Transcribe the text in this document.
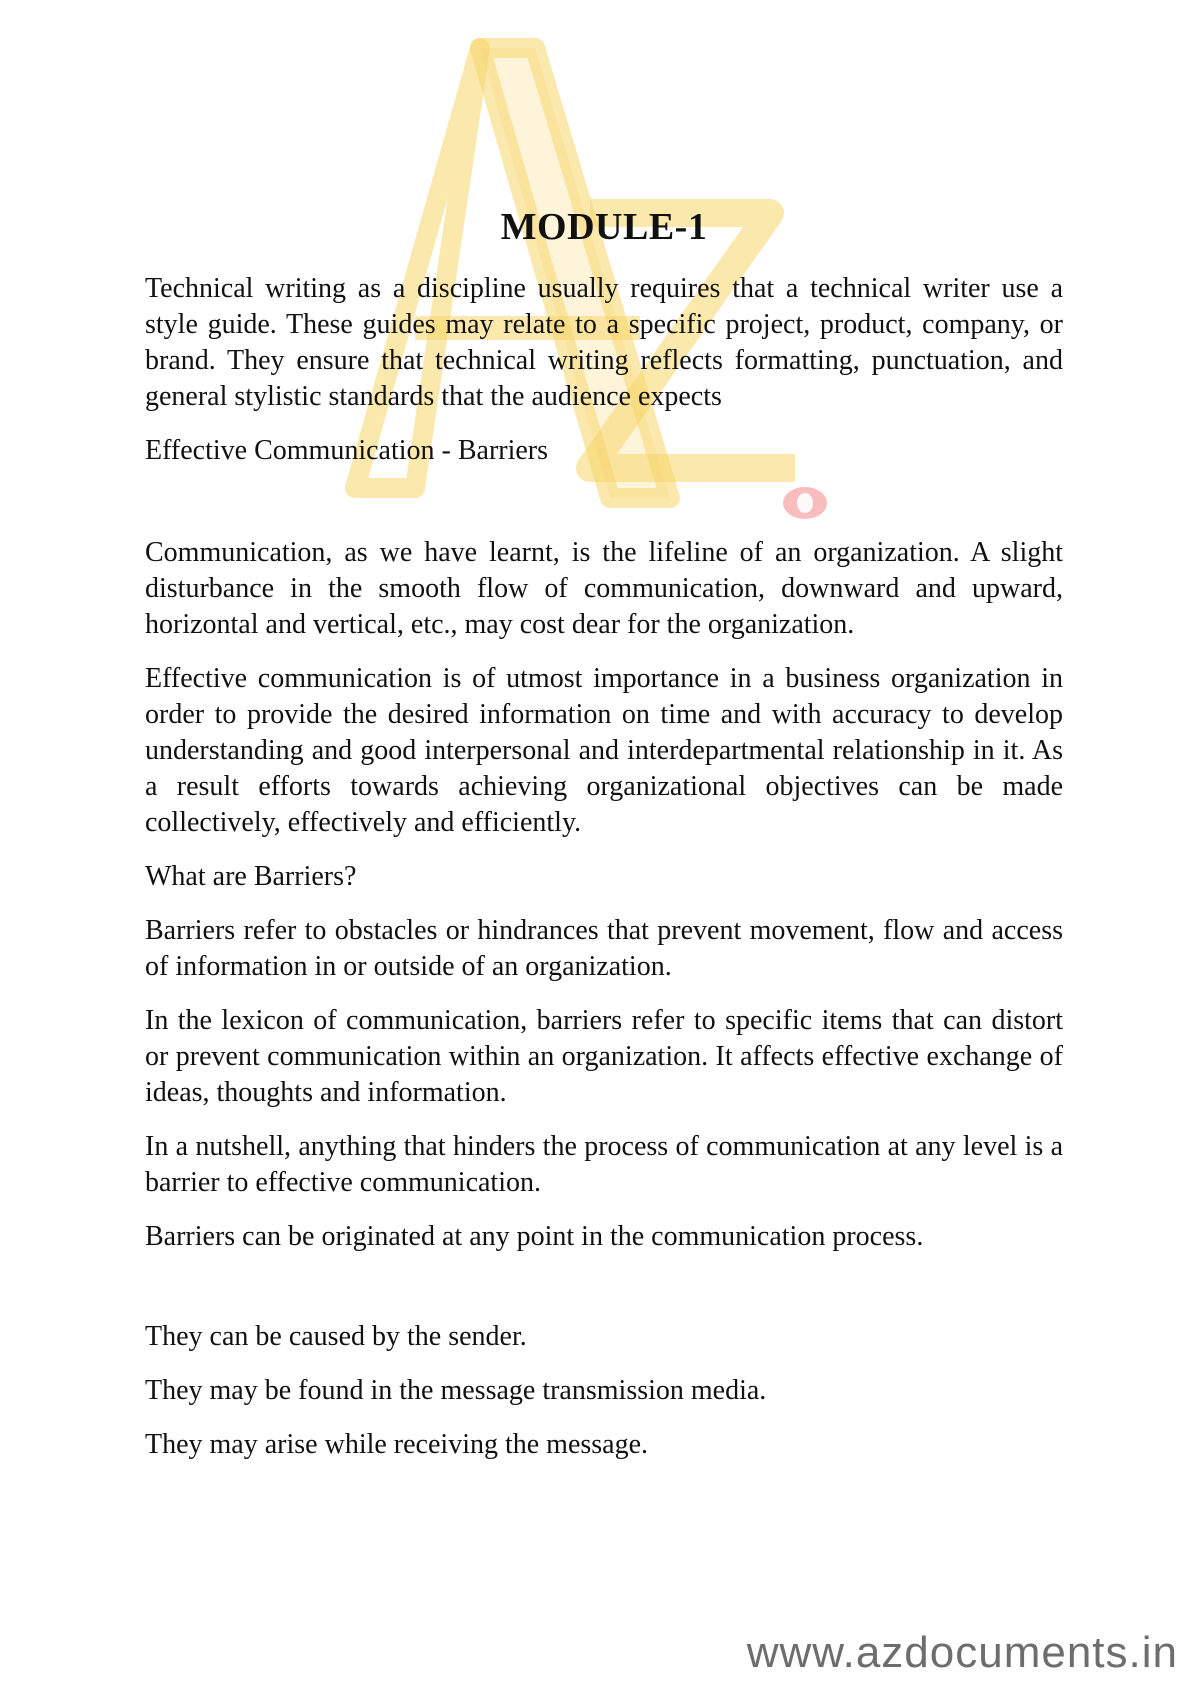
MODULE-1

Technical writing as a discipline usually requires that a technical writer use a style guide. These guides may relate to a specific project, product, company, or brand. They ensure that technical writing reflects formatting, punctuation, and general stylistic standards that the audience expects

Effective Communication - Barriers

Communication, as we have learnt, is the lifeline of an organization. A slight disturbance in the smooth flow of communication, downward and upward, horizontal and vertical, etc., may cost dear for the organization.

Effective communication is of utmost importance in a business organization in order to provide the desired information on time and with accuracy to develop understanding and good interpersonal and interdepartmental relationship in it. As a result efforts towards achieving organizational objectives can be made collectively, effectively and efficiently.

What are Barriers?

Barriers refer to obstacles or hindrances that prevent movement, flow and access of information in or outside of an organization.

In the lexicon of communication, barriers refer to specific items that can distort or prevent communication within an organization. It affects effective exchange of ideas, thoughts and information.

In a nutshell, anything that hinders the process of communication at any level is a barrier to effective communication.

Barriers can be originated at any point in the communication process.

They can be caused by the sender.

They may be found in the message transmission media.

They may arise while receiving the message.

www.azdocuments.in
